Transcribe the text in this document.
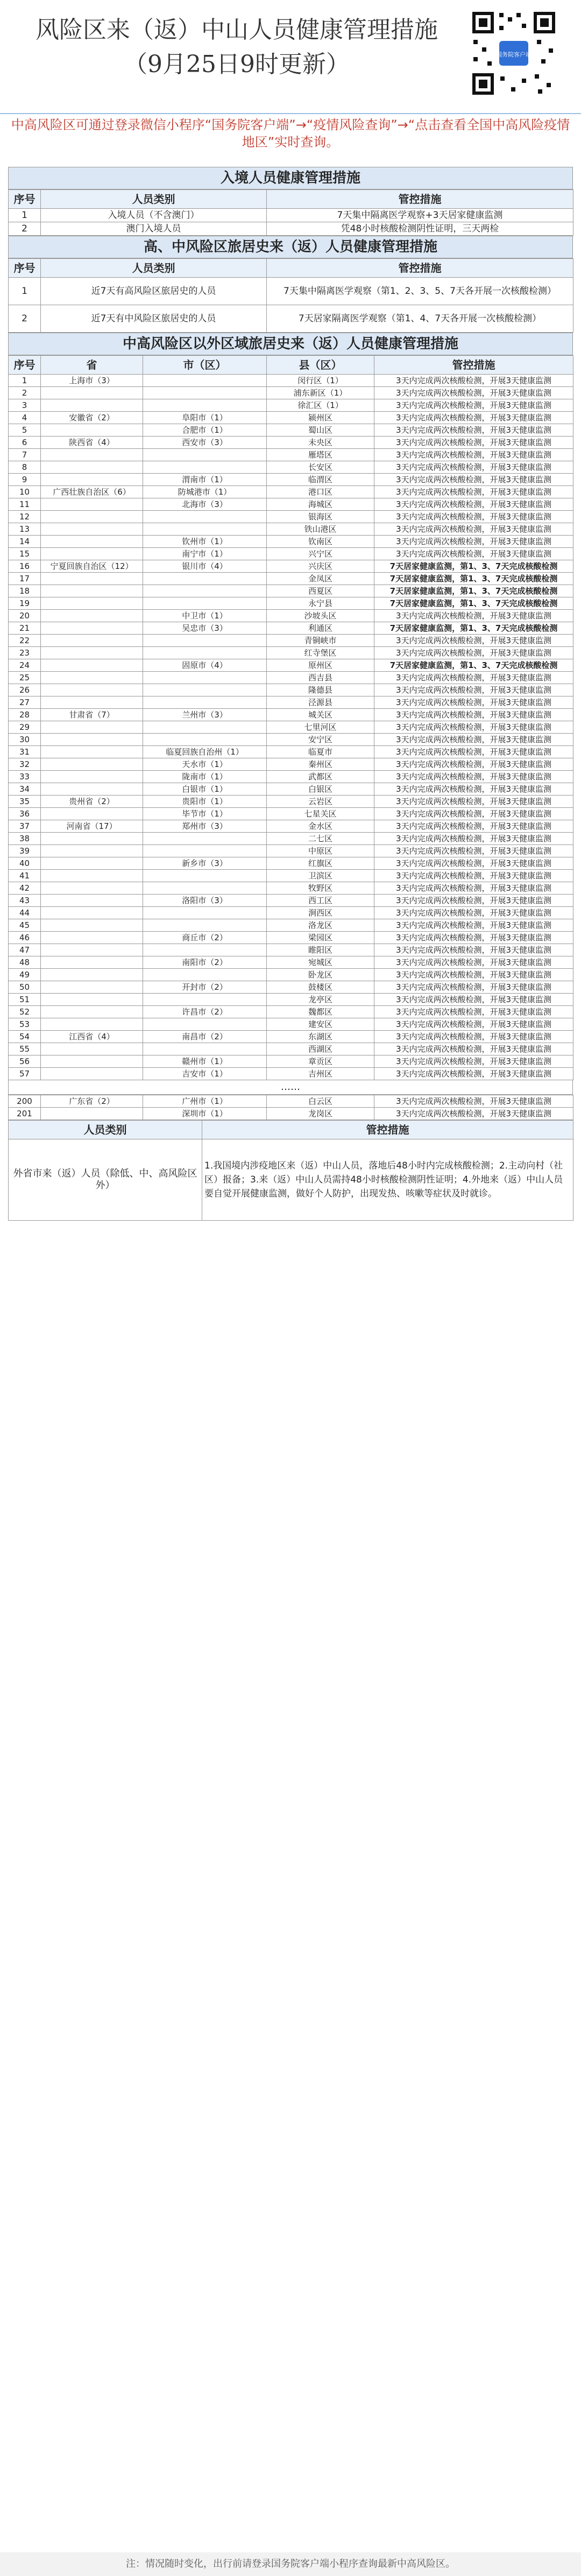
风险区来（返）中山人员健康管理措施
（9月25日9时更新）	国务院客户端
中高风险区可通过登录微信小程序“国务院客户端”→“疫情风险查询”→“点击查看全国中高风险疫情地区”实时查询。
入境人员健康管理措施
序号	人员类别	管控措施
1	入境人员（不含澳门）	7天集中隔离医学观察+3天居家健康监测
2	澳门入境人员	凭48小时核酸检测阴性证明，三天两检
高、中风险区旅居史来（返）人员健康管理措施
序号	人员类别	管控措施
1	近7天有高风险区旅居史的人员	7天集中隔离医学观察（第1、2、3、5、7天各开展一次核酸检测）
2	近7天有中风险区旅居史的人员	7天居家隔离医学观察（第1、4、7天各开展一次核酸检测）
中高风险区以外区域旅居史来（返）人员健康管理措施
序号	省	市（区）	县（区）	管控措施
1	上海市（3）		闵行区（1）	3天内完成两次核酸检测，开展3天健康监测
2			浦东新区（1）	3天内完成两次核酸检测，开展3天健康监测
3			徐汇区（1）	3天内完成两次核酸检测，开展3天健康监测
4	安徽省（2）	阜阳市（1）	颍州区	3天内完成两次核酸检测，开展3天健康监测
5		合肥市（1）	蜀山区	3天内完成两次核酸检测，开展3天健康监测
6	陕西省（4）	西安市（3）	未央区	3天内完成两次核酸检测，开展3天健康监测
7			雁塔区	3天内完成两次核酸检测，开展3天健康监测
8			长安区	3天内完成两次核酸检测，开展3天健康监测
9		渭南市（1）	临渭区	3天内完成两次核酸检测，开展3天健康监测
10	广西壮族自治区（6）	防城港市（1）	港口区	3天内完成两次核酸检测，开展3天健康监测
11		北海市（3）	海城区	3天内完成两次核酸检测，开展3天健康监测
12			银海区	3天内完成两次核酸检测，开展3天健康监测
13			铁山港区	3天内完成两次核酸检测，开展3天健康监测
14		钦州市（1）	钦南区	3天内完成两次核酸检测，开展3天健康监测
15		南宁市（1）	兴宁区	3天内完成两次核酸检测，开展3天健康监测
16	宁夏回族自治区（12）	银川市（4）	兴庆区	7天居家健康监测，第1、3、7天完成核酸检测
17			金凤区	7天居家健康监测，第1、3、7天完成核酸检测
18			西夏区	7天居家健康监测，第1、3、7天完成核酸检测
19			永宁县	7天居家健康监测，第1、3、7天完成核酸检测
20		中卫市（1）	沙坡头区	3天内完成两次核酸检测，开展3天健康监测
21		吴忠市（3）	利通区	7天居家健康监测，第1、3、7天完成核酸检测
22			青铜峡市	3天内完成两次核酸检测，开展3天健康监测
23			红寺堡区	3天内完成两次核酸检测，开展3天健康监测
24		固原市（4）	原州区	7天居家健康监测，第1、3、7天完成核酸检测
25			西吉县	3天内完成两次核酸检测，开展3天健康监测
26			隆德县	3天内完成两次核酸检测，开展3天健康监测
27			泾源县	3天内完成两次核酸检测，开展3天健康监测
28	甘肃省（7）	兰州市（3）	城关区	3天内完成两次核酸检测，开展3天健康监测
29			七里河区	3天内完成两次核酸检测，开展3天健康监测
30			安宁区	3天内完成两次核酸检测，开展3天健康监测
31		临夏回族自治州（1）	临夏市	3天内完成两次核酸检测，开展3天健康监测
32		天水市（1）	秦州区	3天内完成两次核酸检测，开展3天健康监测
33		陇南市（1）	武都区	3天内完成两次核酸检测，开展3天健康监测
34		白银市（1）	白银区	3天内完成两次核酸检测，开展3天健康监测
35	贵州省（2）	贵阳市（1）	云岩区	3天内完成两次核酸检测，开展3天健康监测
36		毕节市（1）	七星关区	3天内完成两次核酸检测，开展3天健康监测
37	河南省（17）	郑州市（3）	金水区	3天内完成两次核酸检测，开展3天健康监测
38			二七区	3天内完成两次核酸检测，开展3天健康监测
39			中原区	3天内完成两次核酸检测，开展3天健康监测
40		新乡市（3）	红旗区	3天内完成两次核酸检测，开展3天健康监测
41			卫滨区	3天内完成两次核酸检测，开展3天健康监测
42			牧野区	3天内完成两次核酸检测，开展3天健康监测
43		洛阳市（3）	西工区	3天内完成两次核酸检测，开展3天健康监测
44			涧西区	3天内完成两次核酸检测，开展3天健康监测
45			洛龙区	3天内完成两次核酸检测，开展3天健康监测
46		商丘市（2）	梁园区	3天内完成两次核酸检测，开展3天健康监测
47			睢阳区	3天内完成两次核酸检测，开展3天健康监测
48		南阳市（2）	宛城区	3天内完成两次核酸检测，开展3天健康监测
49			卧龙区	3天内完成两次核酸检测，开展3天健康监测
50		开封市（2）	鼓楼区	3天内完成两次核酸检测，开展3天健康监测
51			龙亭区	3天内完成两次核酸检测，开展3天健康监测
52		许昌市（2）	魏都区	3天内完成两次核酸检测，开展3天健康监测
53			建安区	3天内完成两次核酸检测，开展3天健康监测
54	江西省（4）	南昌市（2）	东湖区	3天内完成两次核酸检测，开展3天健康监测
55			西湖区	3天内完成两次核酸检测，开展3天健康监测
56		赣州市（1）	章贡区	3天内完成两次核酸检测，开展3天健康监测
57		吉安市（1）	吉州区	3天内完成两次核酸检测，开展3天健康监测
……
200	广东省（2）	广州市（1）	白云区	3天内完成两次核酸检测，开展3天健康监测
201		深圳市（1）	龙岗区	3天内完成两次核酸检测，开展3天健康监测
人员类别	管控措施
外省市来（返）人员（除低、中、高风险区外）	1.我国境内涉疫地区来（返）中山人员，落地后48小时内完成核酸检测；2.主动向村（社区）报备；3.来（返）中山人员需持48小时核酸检测阴性证明；4.外地来（返）中山人员要自觉开展健康监测，做好个人防护，出现发热、咳嗽等症状及时就诊。
注：情况随时变化，出行前请登录国务院客户端小程序查询最新中高风险区。
